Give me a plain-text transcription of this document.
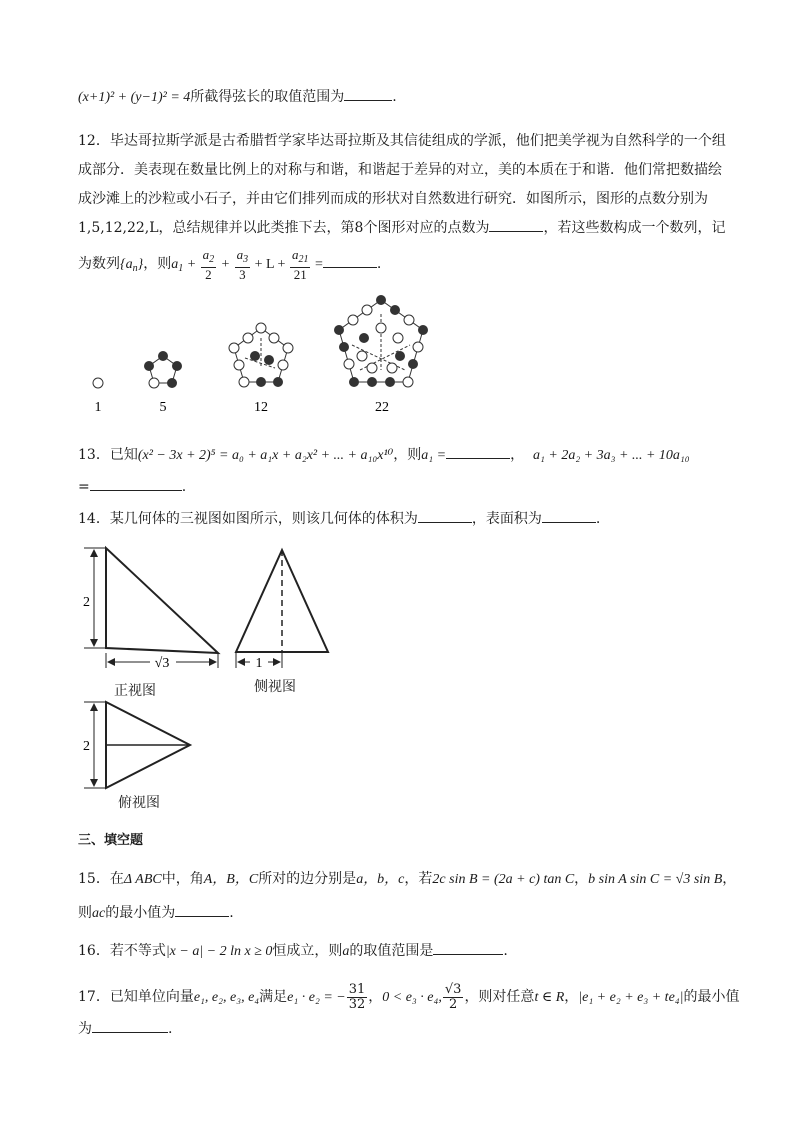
(x+1)² + (y−1)² = 4所截得弦长的取值范围为	.
12．毕达哥拉斯学派是古希腊哲学家毕达哥拉斯及其信徒组成的学派，他们把美学视为自然科学的一个组
成部分．美表现在数量比例上的对称与和谐，和谐起于差异的对立，美的本质在于和谐．他们常把数描绘
成沙滩上的沙粒或小石子，并由它们排列而成的形状对自然数进行研究．如图所示，图形的点数分别为
1,5,12,22,L，总结规律并以此类推下去，第8个图形对应的点数为	，若这些数构成一个数列，记
为数列$\{a_n\}$，则$a_1 + \frac{a_2}{2} + \frac{a_3}{3} + L + \frac{a_{21}}{21}$ =	.
1	5	12	22
13．已知(x² − 3x + 2)⁵ = a₀ + a₁x + a₂x² + ... + a₁₀x¹⁰，则a₁ =	， a₁ + 2a₂ + 3a₃ + ... + 10a₁₀
=	.
14．某几何体的三视图如图所示，则该几何体的体积为	，表面积为	.
2
√3	1
2
正视图	侧视图
俯视图
三、填空题
15．在Δ ABC中，角A，B，C所对的边分别是a，b，c，若2c sin B = (2a + c) tan C，b sin A sin C = √3 sin B，
则ac的最小值为	.
16．若不等式|x − a| − 2 ln x ≥ 0恒成立，则a的取值范围是	.
17．已知单位向量e₁, e₂, e₃, e₄满足e₁ · e₂ = − $\frac{31}{32}$ ，0 < e₃ · e₄, $\frac{√3}{2}$ ，则对任意t ∈ R，|e₁ + e₂ + e₃ + te₄|的最小值
为	.
